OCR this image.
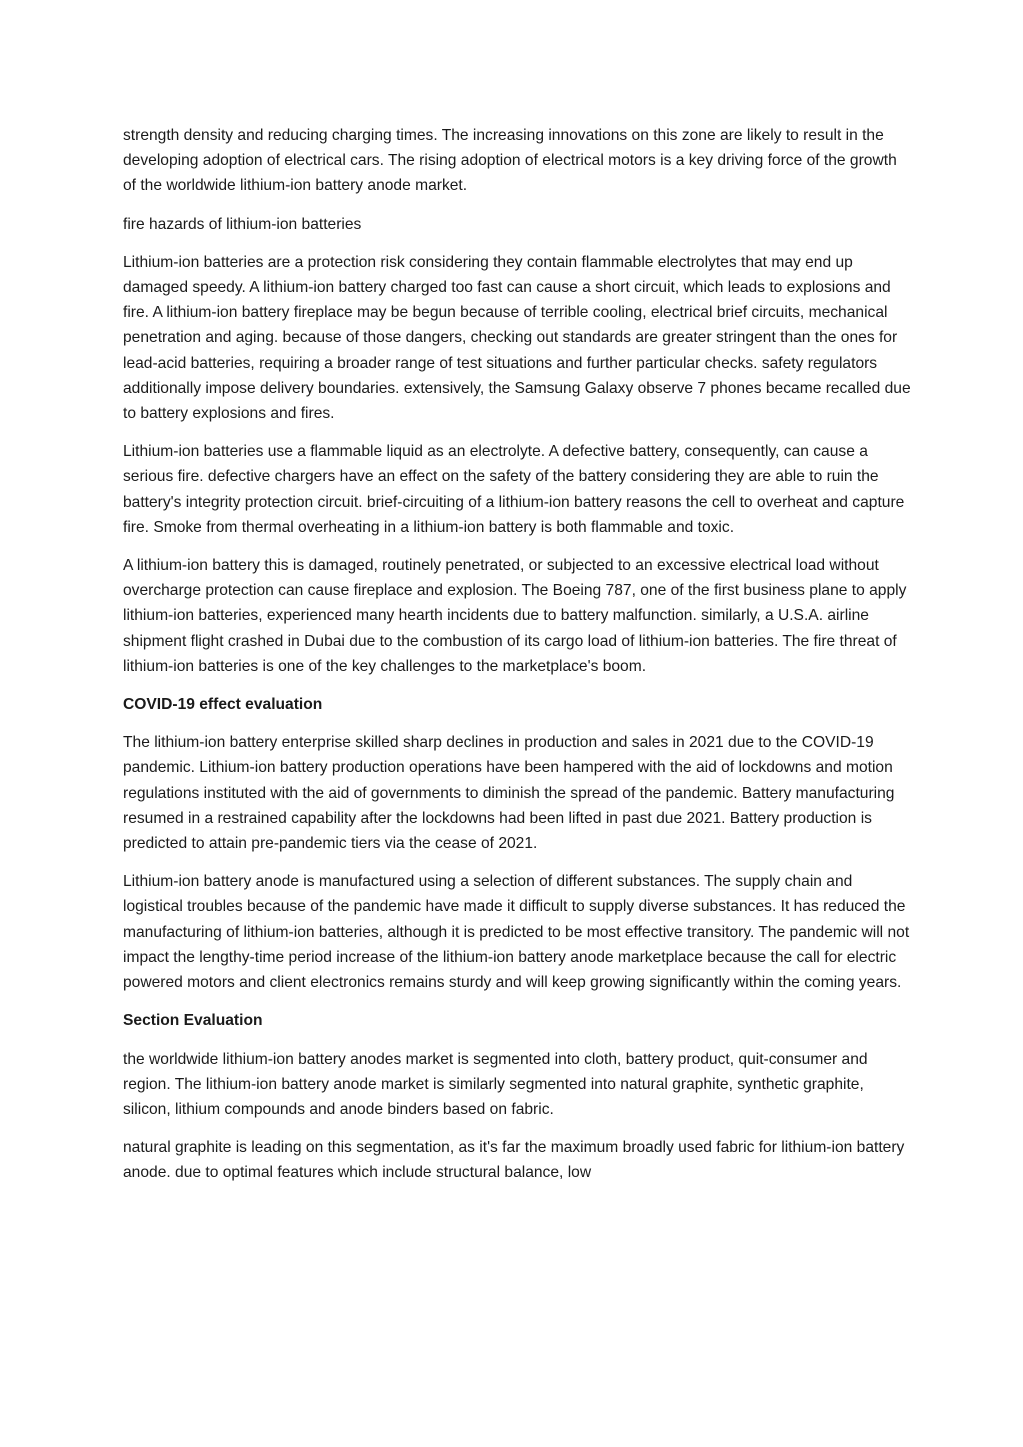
strength density and reducing charging times. The increasing innovations on this zone are likely to result in the developing adoption of electrical cars. The rising adoption of electrical motors is a key driving force of the growth of the worldwide lithium-ion battery anode market.

fire hazards of lithium-ion batteries

Lithium-ion batteries are a protection risk considering they contain flammable electrolytes that may end up damaged speedy. A lithium-ion battery charged too fast can cause a short circuit, which leads to explosions and fire. A lithium-ion battery fireplace may be begun because of terrible cooling, electrical brief circuits, mechanical penetration and aging. because of those dangers, checking out standards are greater stringent than the ones for lead-acid batteries, requiring a broader range of test situations and further particular checks. safety regulators additionally impose delivery boundaries. extensively, the Samsung Galaxy observe 7 phones became recalled due to battery explosions and fires.

Lithium-ion batteries use a flammable liquid as an electrolyte. A defective battery, consequently, can cause a serious fire. defective chargers have an effect on the safety of the battery considering they are able to ruin the battery's integrity protection circuit. brief-circuiting of a lithium-ion battery reasons the cell to overheat and capture fire. Smoke from thermal overheating in a lithium-ion battery is both flammable and toxic.

A lithium-ion battery this is damaged, routinely penetrated, or subjected to an excessive electrical load without overcharge protection can cause fireplace and explosion. The Boeing 787, one of the first business plane to apply lithium-ion batteries, experienced many hearth incidents due to battery malfunction. similarly, a U.S.A. airline shipment flight crashed in Dubai due to the combustion of its cargo load of lithium-ion batteries. The fire threat of lithium-ion batteries is one of the key challenges to the marketplace's boom.

COVID-19 effect evaluation

The lithium-ion battery enterprise skilled sharp declines in production and sales in 2021 due to the COVID-19 pandemic. Lithium-ion battery production operations have been hampered with the aid of lockdowns and motion regulations instituted with the aid of governments to diminish the spread of the pandemic. Battery manufacturing resumed in a restrained capability after the lockdowns had been lifted in past due 2021. Battery production is predicted to attain pre-pandemic tiers via the cease of 2021.

Lithium-ion battery anode is manufactured using a selection of different substances. The supply chain and logistical troubles because of the pandemic have made it difficult to supply diverse substances. It has reduced the manufacturing of lithium-ion batteries, although it is predicted to be most effective transitory. The pandemic will not impact the lengthy-time period increase of the lithium-ion battery anode marketplace because the call for electric powered motors and client electronics remains sturdy and will keep growing significantly within the coming years.

Section Evaluation

the worldwide lithium-ion battery anodes market is segmented into cloth, battery product, quit-consumer and region. The lithium-ion battery anode market is similarly segmented into natural graphite, synthetic graphite, silicon, lithium compounds and anode binders based on fabric.

natural graphite is leading on this segmentation, as it's far the maximum broadly used fabric for lithium-ion battery anode. due to optimal features which include structural balance, low
